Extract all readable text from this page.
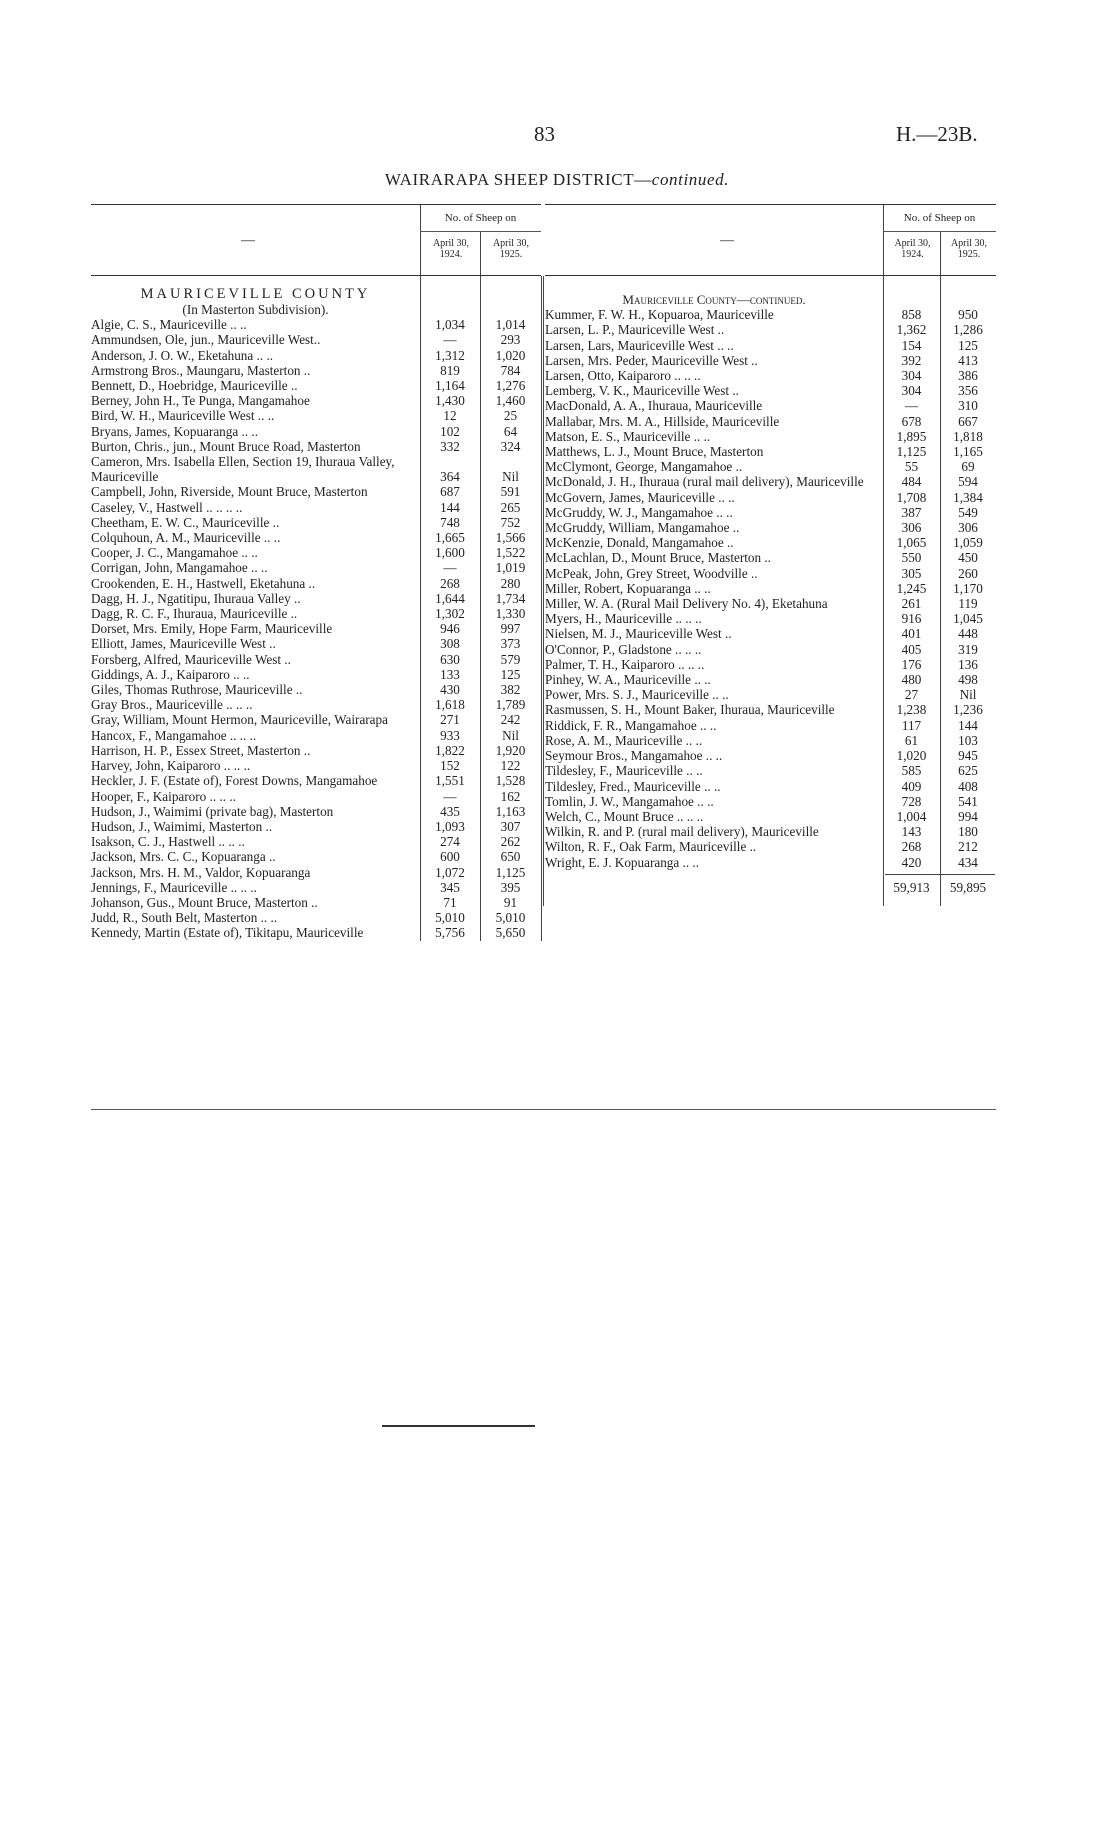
83	H.—23B.
WAIRARAPA SHEEP DISTRICT—continued.
—
No. of Sheep on
April 30, 1924.
April 30, 1925.
MAURICEVILLE COUNTY
(In Masterton Subdivision).
Algie, C. S., Mauriceville .. ..	1,034	1,014
Ammundsen, Ole, jun., Mauriceville West..	—	293
Anderson, J. O. W., Eketahuna .. ..	1,312	1,020
Armstrong Bros., Maungaru, Masterton ..	819	784
Bennett, D., Hoebridge, Mauriceville ..	1,164	1,276
Berney, John H., Te Punga, Mangamahoe	1,430	1,460
Bird, W. H., Mauriceville West .. ..	12	25
Bryans, James, Kopuaranga .. ..	102	64
Burton, Chris., jun., Mount Bruce Road, Masterton	332	324
Cameron, Mrs. Isabella Ellen, Section 19, Ihuraua Valley, Mauriceville	364	Nil
Campbell, John, Riverside, Mount Bruce, Masterton	687	591
Caseley, V., Hastwell .. .. .. ..	144	265
Cheetham, E. W. C., Mauriceville ..	748	752
Colquhoun, A. M., Mauriceville .. ..	1,665	1,566
Cooper, J. C., Mangamahoe .. ..	1,600	1,522
Corrigan, John, Mangamahoe .. ..	—	1,019
Crookenden, E. H., Hastwell, Eketahuna ..	268	280
Dagg, H. J., Ngatitipu, Ihuraua Valley ..	1,644	1,734
Dagg, R. C. F., Ihuraua, Mauriceville ..	1,302	1,330
Dorset, Mrs. Emily, Hope Farm, Mauriceville	946	997
Elliott, James, Mauriceville West ..	308	373
Forsberg, Alfred, Mauriceville West ..	630	579
Giddings, A. J., Kaiparoro .. ..	133	125
Giles, Thomas Ruthrose, Mauriceville ..	430	382
Gray Bros., Mauriceville .. .. ..	1,618	1,789
Gray, William, Mount Hermon, Mauriceville, Wairarapa	271	242
Hancox, F., Mangamahoe .. .. ..	933	Nil
Harrison, H. P., Essex Street, Masterton ..	1,822	1,920
Harvey, John, Kaiparoro .. .. ..	152	122
Heckler, J. F. (Estate of), Forest Downs, Mangamahoe	1,551	1,528
Hooper, F., Kaiparoro .. .. ..	—	162
Hudson, J., Waimimi (private bag), Masterton	435	1,163
Hudson, J., Waimimi, Masterton ..	1,093	307
Isakson, C. J., Hastwell .. .. ..	274	262
Jackson, Mrs. C. C., Kopuaranga ..	600	650
Jackson, Mrs. H. M., Valdor, Kopuaranga	1,072	1,125
Jennings, F., Mauriceville .. .. ..	345	395
Johanson, Gus., Mount Bruce, Masterton ..	71	91
Judd, R., South Belt, Masterton .. ..	5,010	5,010
Kennedy, Martin (Estate of), Tikitapu, Mauriceville	5,756	5,650
—
No. of Sheep on
April 30, 1924.
April 30, 1925.
Mauriceville County—continued.
Kummer, F. W. H., Kopuaroa, Mauriceville	858	950
Larsen, L. P., Mauriceville West ..	1,362	1,286
Larsen, Lars, Mauriceville West .. ..	154	125
Larsen, Mrs. Peder, Mauriceville West ..	392	413
Larsen, Otto, Kaiparoro .. .. ..	304	386
Lemberg, V. K., Mauriceville West ..	304	356
MacDonald, A. A., Ihuraua, Mauriceville	—	310
Mallabar, Mrs. M. A., Hillside, Mauriceville	678	667
Matson, E. S., Mauriceville .. ..	1,895	1,818
Matthews, L. J., Mount Bruce, Masterton	1,125	1,165
McClymont, George, Mangamahoe ..	55	69
McDonald, J. H., Ihuraua (rural mail delivery), Mauriceville	484	594
McGovern, James, Mauriceville .. ..	1,708	1,384
McGruddy, W. J., Mangamahoe .. ..	387	549
McGruddy, William, Mangamahoe ..	306	306
McKenzie, Donald, Mangamahoe ..	1,065	1,059
McLachlan, D., Mount Bruce, Masterton ..	550	450
McPeak, John, Grey Street, Woodville ..	305	260
Miller, Robert, Kopuaranga .. ..	1,245	1,170
Miller, W. A. (Rural Mail Delivery No. 4), Eketahuna	261	119
Myers, H., Mauriceville .. .. ..	916	1,045
Nielsen, M. J., Mauriceville West ..	401	448
O'Connor, P., Gladstone .. .. ..	405	319
Palmer, T. H., Kaiparoro .. .. ..	176	136
Pinhey, W. A., Mauriceville .. ..	480	498
Power, Mrs. S. J., Mauriceville .. ..	27	Nil
Rasmussen, S. H., Mount Baker, Ihuraua, Mauriceville	1,238	1,236
Riddick, F. R., Mangamahoe .. ..	117	144
Rose, A. M., Mauriceville .. ..	61	103
Seymour Bros., Mangamahoe .. ..	1,020	945
Tildesley, F., Mauriceville .. ..	585	625
Tildesley, Fred., Mauriceville .. ..	409	408
Tomlin, J. W., Mangamahoe .. ..	728	541
Welch, C., Mount Bruce .. .. ..	1,004	994
Wilkin, R. and P. (rural mail delivery), Mauriceville	143	180
Wilton, R. F., Oak Farm, Mauriceville ..	268	212
Wright, E. J. Kopuaranga .. ..	420	434
59,913	59,895
